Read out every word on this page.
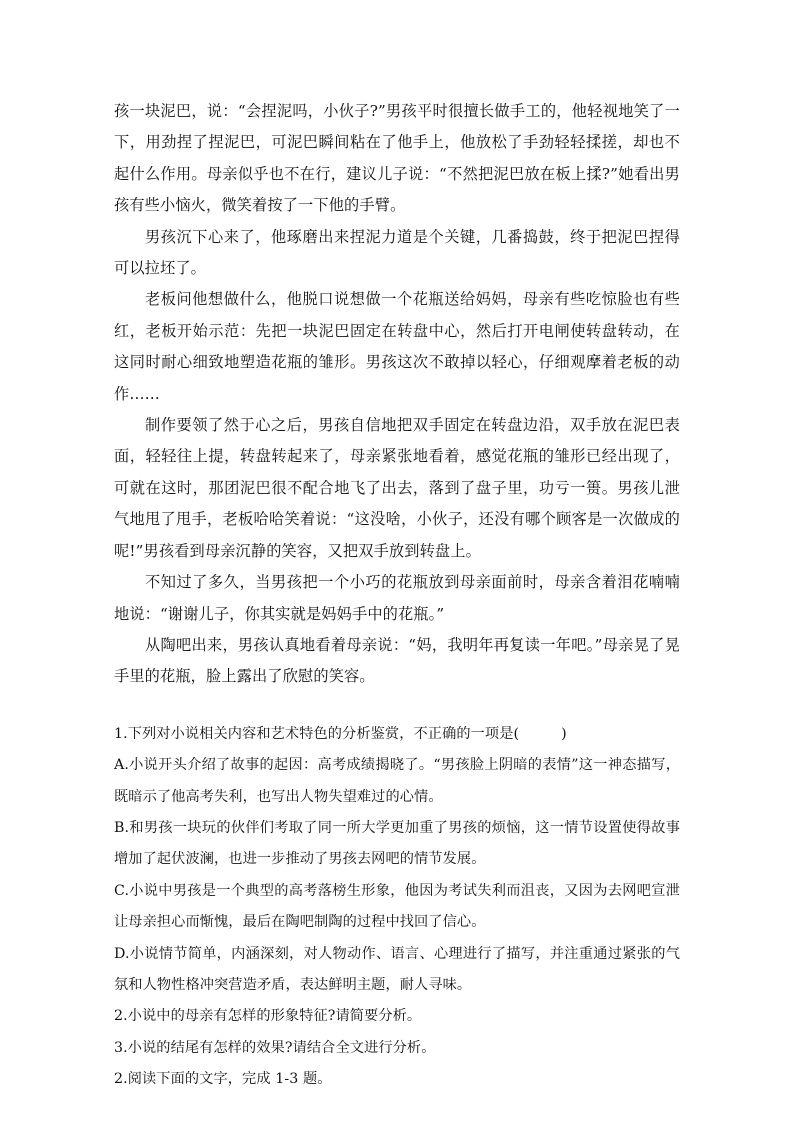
孩一块泥巴，说：“会捏泥吗，小伙子?”男孩平时很擅长做手工的，他轻视地笑了一下，用劲捏了捏泥巴，可泥巴瞬间粘在了他手上，他放松了手劲轻轻揉搓，却也不起什么作用。母亲似乎也不在行，建议儿子说：“不然把泥巴放在板上揉?”她看出男孩有些小恼火，微笑着按了一下他的手臂。

男孩沉下心来了，他琢磨出来捏泥力道是个关键，几番捣鼓，终于把泥巴捏得可以拉坯了。

老板问他想做什么，他脱口说想做一个花瓶送给妈妈，母亲有些吃惊脸也有些红，老板开始示范：先把一块泥巴固定在转盘中心，然后打开电闸使转盘转动，在这同时耐心细致地塑造花瓶的雏形。男孩这次不敢掉以轻心，仔细观摩着老板的动作……

制作要领了然于心之后，男孩自信地把双手固定在转盘边沿，双手放在泥巴表面，轻轻往上提，转盘转起来了，母亲紧张地看着，感觉花瓶的雏形已经出现了，可就在这时，那团泥巴很不配合地飞了出去，落到了盘子里，功亏一篑。男孩儿泄气地甩了甩手，老板哈哈笑着说：“这没啥，小伙子，还没有哪个顾客是一次做成的呢!”男孩看到母亲沉静的笑容，又把双手放到转盘上。

不知过了多久，当男孩把一个小巧的花瓶放到母亲面前时，母亲含着泪花喃喃地说：“谢谢儿子，你其实就是妈妈手中的花瓶。”

从陶吧出来，男孩认真地看着母亲说：“妈，我明年再复读一年吧。”母亲晃了晃手里的花瓶，脸上露出了欣慰的笑容。

1.下列对小说相关内容和艺术特色的分析鉴赏，不正确的一项是(	)

A.小说开头介绍了故事的起因：高考成绩揭晓了。“男孩脸上阴暗的表情”这一神态描写，既暗示了他高考失利，也写出人物失望难过的心情。

B.和男孩一块玩的伙伴们考取了同一所大学更加重了男孩的烦恼，这一情节设置使得故事增加了起伏波澜，也进一步推动了男孩去网吧的情节发展。

C.小说中男孩是一个典型的高考落榜生形象，他因为考试失利而沮丧，又因为去网吧宣泄让母亲担心而惭愧，最后在陶吧制陶的过程中找回了信心。

D.小说情节简单，内涵深刻，对人物动作、语言、心理进行了描写，并注重通过紧张的气氛和人物性格冲突营造矛盾，表达鲜明主题，耐人寻味。

2.小说中的母亲有怎样的形象特征?请简要分析。

3.小说的结尾有怎样的效果?请结合全文进行分析。

2.阅读下面的文字，完成 1-3 题。
